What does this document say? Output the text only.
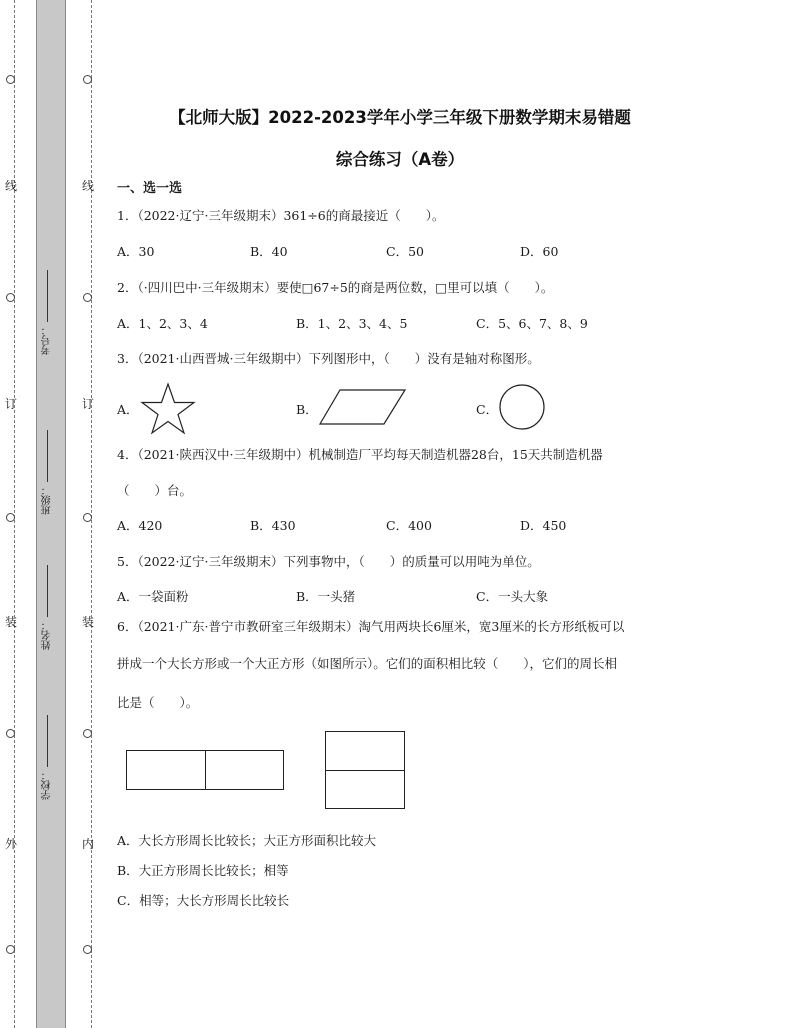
线
订
装
外
线
订
装
内
考号：
班级：
姓名：
学校：
【北师大版】2022-2023学年小学三年级下册数学期末易错题
综合练习（A卷）
一、选一选
1．（2022·辽宁·三年级期末）361÷6的商最接近（　　）。
A．30	B．40	C．50	D．60
2．（·四川巴中·三年级期末）要使□67÷5的商是两位数，□里可以填（　　）。
A．1、2、3、4	B．1、2、3、4、5	C．5、6、7、8、9
3．（2021·山西晋城·三年级期中）下列图形中，（　　）没有是轴对称图形。
A．	B．	C．
4．（2021·陕西汉中·三年级期中）机械制造厂平均每天制造机器28台，15天共制造机器
（　　）台。
A．420	B．430	C．400	D．450
5．（2022·辽宁·三年级期末）下列事物中，（　　）的质量可以用吨为单位。
A．一袋面粉	B．一头猪	C．一头大象
6．（2021·广东·普宁市教研室三年级期末）淘气用两块长6厘米，宽3厘米的长方形纸板可以
拼成一个大长方形或一个大正方形（如图所示）。它们的面积相比较（　　），它们的周长相
比是（　　）。
A．大长方形周长比较长；大正方形面积比较大
B．大正方形周长比较长；相等
C．相等；大长方形周长比较长
